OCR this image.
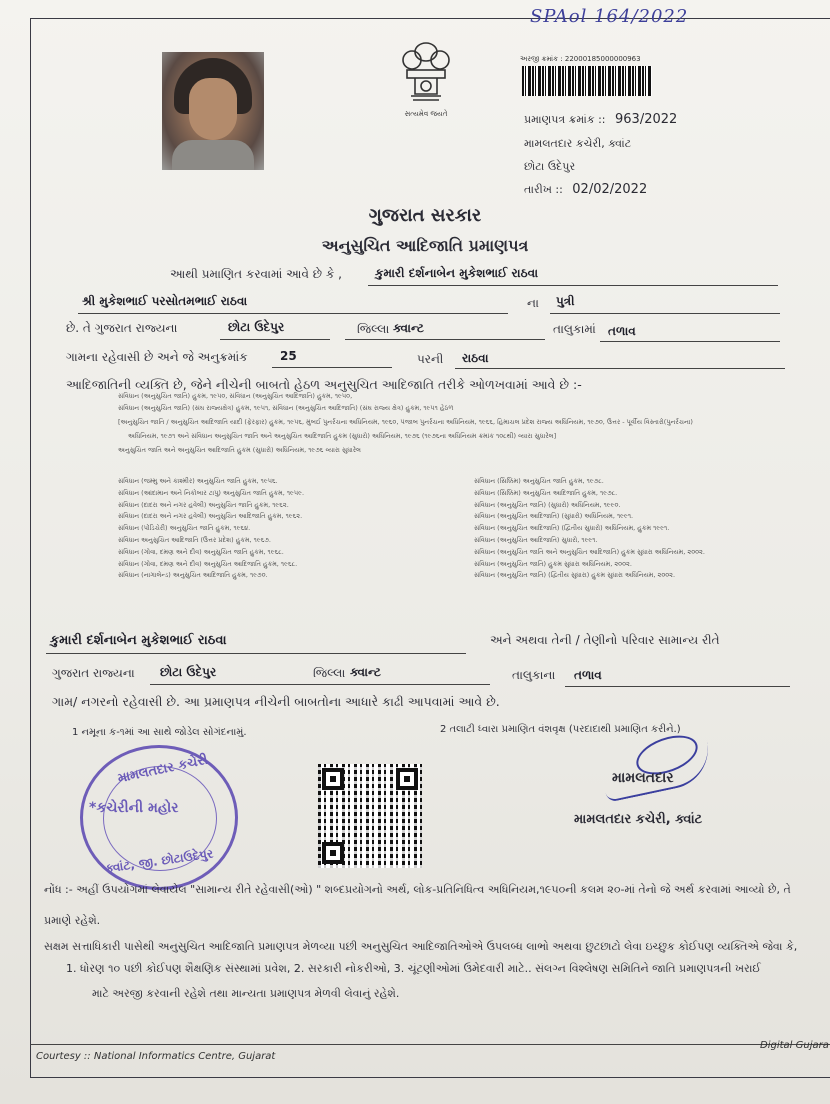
SPAol 164/2022
સત્યમેવ જયતે
અરજી ક્રમાંક : 22000185000000963
પ્રમાણપત્ર ક્રમાંક :: 963/2022
મામલતદાર કચેરી, ક્વાંટ
છોટા ઉદેપુર
તારીખ :: 02/02/2022
ગુજરાત સરકાર
અનુસુચિત આદિજાતિ પ્રમાણપત્ર
આથી પ્રમાણિત કરવામાં આવે છે કે ,	કુમારી દર્શનાબેન મુકેશભાઈ રાઠવા
શ્રી મુકેશભાઈ પરસોતમભાઈ રાઠવા	ના પુત્રી
છે. તે ગુજરાત રાજ્યના	છોટા ઉદેપુર	જિલ્લા ક્વાન્ટ	તાલુકામાં તળાવ
ગામના રહેવાસી છે અને જે અનુક્રમાંક	25	પરની રાઠવા
આદિજાતિની વ્યક્તિ છે, જેને નીચેની બાબતો હેઠળ અનુસુચિત આદિજાતિ તરીકે ઓળખવામાં આવે છે :-
સંવિધાન (અનુસુચિત જાતિ) હુકમ, ૧૯૫૦, સંવિધાન (અનુસુચિત આદિજાતિ) હુકમ, ૧૯૫૦,
સંવિધાન (અનુસુચિત જાતિ) (સંઘ રાજ્યક્ષેત્ર) હુકમ, ૧૯૫૧, સંવિધાન (અનુસુચિત આદિજાતિ) (સંઘ રાજ્ય ક્ષેત્ર) હુકમ, ૧૯૫૧ હેઠળ
[અનુસુચિત જાતિ / અનુસુચિત આદિજાતિ યાદી (ફેરફાર) હુકમ, ૧૯૫૬, મુંબઈ પુનર્રચના અધિનિયમ, ૧૯૬૦, પંજાબ પુનર્રચના અધિનિયમ, ૧૯૬૬, હિમાચલ પ્રદેશ રાજ્ય અધિનિયમ, ૧૯૭૦, ઉત્તર - પૂર્વીય વિસ્તારો(પુનર્રચના)
અધિનિયમ, ૧૯૭૧ અને સંવિધાન અનુસુચિત જાતિ અને અનુસુચિત આદિજાતિ હુકમ (સુધારો) અધિનિયમ, ૧૯૭૬ (૧૯૭૬ના અધિનિયમ ક્રમાંક ૧૦૮થી) વ્યારા સુધારેલ]
અનુસુચિત જાતિ અને અનુસુચિત આદિજાતિ હુકમ (સુધારો) અધિનિયમ, ૧૯૭૬ વ્યારા સુધારેલ
સંવિધાન (જમ્મુ અને કાશ્મીર) અનુસુચિત જાતિ હુકમ, ૧૯૫૬.
સંવિધાન (આંદામાન અને નિકોબાર ટાપુ) અનુસુચિત જાતિ હુકમ, ૧૯૫૯.
સંવિધાન (દાદરા અને નગર હવેલી) અનુસુચિત જાતિ હુકમ, ૧૯૬૨.
સંવિધાન (દાદરા અને નગર હવેલી) અનુસુચિત આદિજાતિ હુકમ, ૧૯૬૨.
સંવિધાન (પોંડિચેરી) અનુસુચિત જાતિ હુકમ, ૧૯૬૪.
સંવિધાન અનુસુચિત આદિજાતિ (ઉત્તર પ્રદેશ) હુકમ, ૧૯૬૭.
સંવિધાન (ગોવા, દમણ અને દીવ) અનુસુચિત જાતિ હુકમ, ૧૯૬૮.
સંવિધાન (ગોવા, દમણ અને દીવ) અનુસુચિત આદિજાતિ હુકમ, ૧૯૬૮.
સંવિધાન (નાગાલેન્ડ) અનુસુચિત આદિજાતિ હુકમ, ૧૯૭૦.
સંવિધાન (સિક્કિમ) અનુસુચિત જાતિ હુકમ, ૧૯૭૮.
સંવિધાન (સિક્કિમ) અનુસુચિત આદિજાતિ હુકમ, ૧૯૭૮.
સંવિધાન (અનુસુચિત જાતિ) (સુધારો) અધિનિયમ, ૧૯૯૦.
સંવિધાન (અનુસુચિત આદિજાતિ) (સુધારો) અધિનિયમ, ૧૯૯૧.
સંવિધાન (અનુસુચિત આદિજાતિ) (દ્વિતીય સુધારો) અધિનિયમ, હુકમ ૧૯૯૧.
સંવિધાન (અનુસુચિત આદિજાતિ) સુધારો, ૧૯૯૧.
સંવિધાન (અનુસુચિત જાતિ અને અનુસુચિત આદિજાતિ) હુકમ સુધારા અધિનિયમ, ૨૦૦૨.
સંવિધાન (અનુસુચિત જાતિ) હુકમ સુધારા અધિનિયમ, ૨૦૦૨.
સંવિધાન (અનુસુચિત જાતિ) (દ્વિતીય સુધારા) હુકમ સુધારા અધિનિયમ, ૨૦૦૨.
કુમારી દર્શનાબેન મુકેશભાઈ રાઠવા	અને અથવા તેની / તેણીનો પરિવાર સામાન્ય રીતે
ગુજરાત રાજ્યના છોટા ઉદેપુર	જિલ્લા ક્વાન્ટ	તાલુકાના તળાવ
ગામ/ નગરનો રહેવાસી છે. આ પ્રમાણપત્ર નીચેની બાબતોના આધારે કાઢી આપવામાં આવે છે.
1 નમૂના ક-૧માં આ સાથે જોડેલ સોગંદનામું.	2 તલાટી ધ્વારા પ્રમાણિત વંશવૃક્ષ (પરદાદાથી પ્રમાણિત કરીને.)
મામલતદાર કચેરી
*કચેરીની મહોર
ક્વાંટ, જી. છોટાઉદેપુર
મામલતદાર
મામલતદાર કચેરી, ક્વાંટ
નોંધ :- અહીં ઉપયોગમાં લેવાયેલ "સામાન્ય રીતે રહેવાસી(ઓ) " શબ્દપ્રયોગનો અર્થ, લોક-પ્રતિનિધિત્વ અધિનિયમ,૧૯૫૦ની કલમ ૨૦-માં તેનો જે અર્થ કરવામાં આવ્યો છે, તે
પ્રમાણે રહેશે.
સક્ષમ સત્તાધિકારી પાસેથી અનુસુચિત આદિજાતિ પ્રમાણપત્ર મેળવ્યા પછી અનુસુચિત આદિજાતિઓએ ઉપલબ્ધ લાભો અથવા છુટછાટો લેવા ઇચ્છુક કોઈપણ વ્યક્તિએ જેવા કે,
1. ધોરણ ૧૦ પછી કોઈપણ શૈક્ષણિક સંસ્થામાં પ્રવેશ, 2. સરકારી નોકરીઓ, 3. ચૂંટણીઓમાં ઉમેદવારી માટે.. સંલગ્ન વિશ્લેષણ સમિતિને જાતિ પ્રમાણપત્રની ખરાઈ
માટે અરજી કરવાની રહેશે તથા માન્યતા પ્રમાણપત્ર મેળવી લેવાનું રહેશે.
Courtesy :: National Informatics Centre, Gujarat
Digital Gujara
